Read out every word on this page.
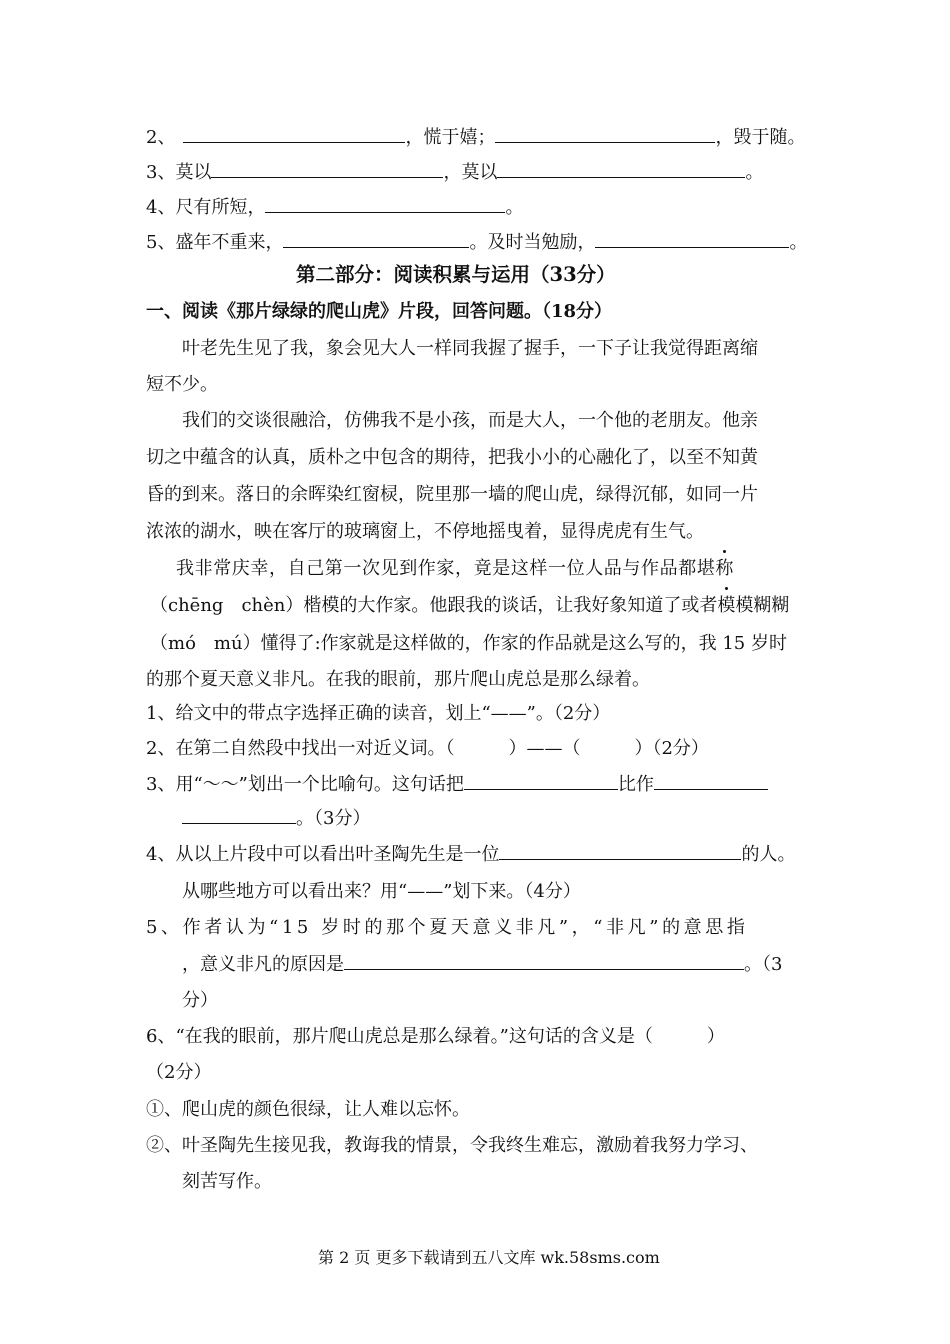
2、	，慌于嬉；	，毁于随。
3、莫以	，莫以	。
4、尺有所短，	。
5、盛年不重来，	。及时当勉励，	。
第二部分：阅读积累与运用（33分）
一、阅读《那片绿绿的爬山虎》片段，回答问题。（18分）
叶老先生见了我，象会见大人一样同我握了握手，一下子让我觉得距离缩
短不少。
我们的交谈很融洽，仿佛我不是小孩，而是大人，一个他的老朋友。他亲
切之中蕴含的认真，质朴之中包含的期待，把我小小的心融化了，以至不知黄
昏的到来。落日的余晖染红窗棂，院里那一墙的爬山虎，绿得沉郁，如同一片
浓浓的湖水，映在客厅的玻璃窗上，不停地摇曳着，显得虎虎有生气。
我非常庆幸，自己第一次见到作家，竟是这样一位人品与作品都堪称
（chēng　chèn）楷模的大作家。他跟我的谈话，让我好象知道了或者模模糊糊
（mó　mú）懂得了:作家就是这样做的，作家的作品就是这么写的，我 15 岁时
的那个夏天意义非凡。在我的眼前，那片爬山虎总是那么绿着。
1、给文中的带点字选择正确的读音，划上“——”。（2分）
2、在第二自然段中找出一对近义词。（　　　）——（　　　）（2分）
3、用“～～”划出一个比喻句。这句话把	比作
。（3分）
4、从以上片段中可以看出叶圣陶先生是一位	的人。
从哪些地方可以看出来？用“——”划下来。（4分）
5、作者认为“15 岁时的那个夏天意义非凡”，“非凡”的意思指
，意义非凡的原因是	。（3
分）
6、“在我的眼前，那片爬山虎总是那么绿着。”这句话的含义是（　　　）
（2分）
①、爬山虎的颜色很绿，让人难以忘怀。
②、叶圣陶先生接见我，教诲我的情景，令我终生难忘，激励着我努力学习、
刻苦写作。
第 2 页 更多下载请到五八文库 wk.58sms.com
